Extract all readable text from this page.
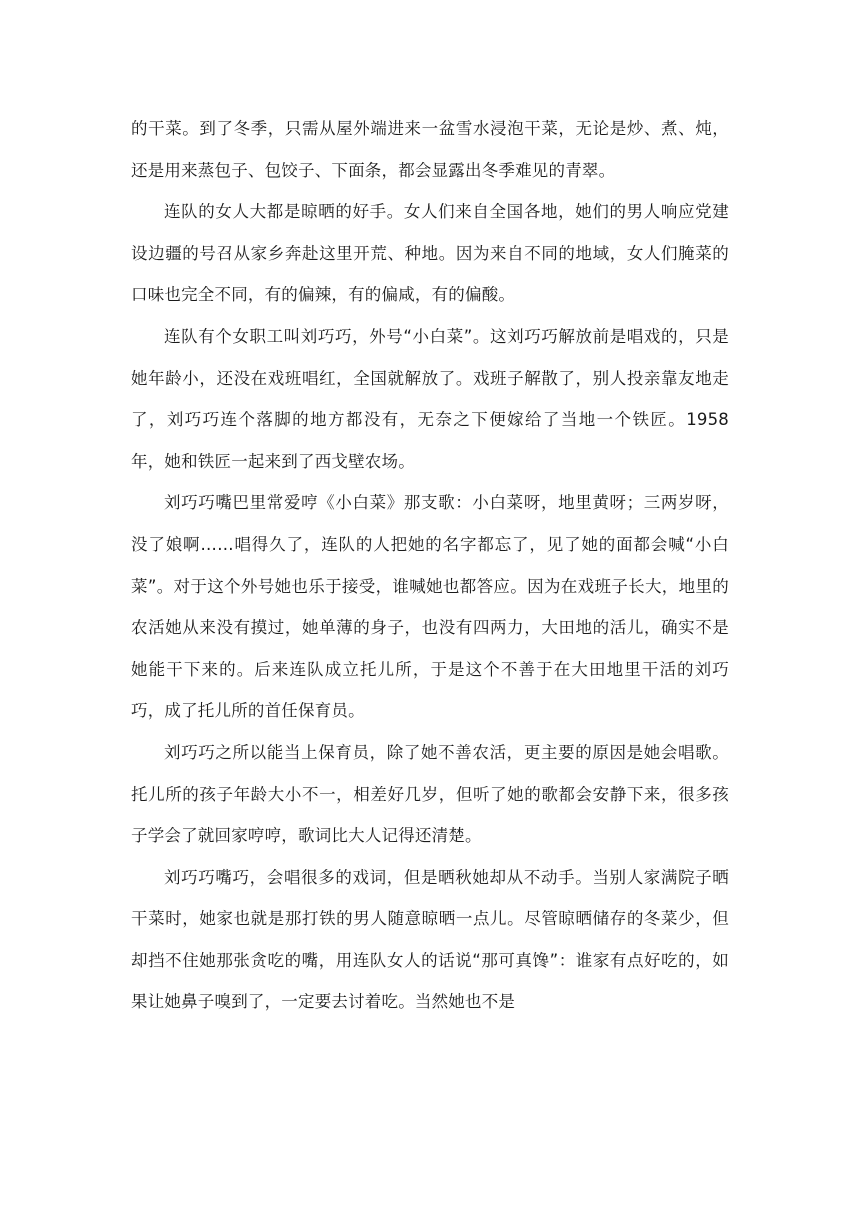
的干菜。到了冬季，只需从屋外端进来一盆雪水浸泡干菜，无论是炒、煮、炖，还是用来蒸包子、包饺子、下面条，都会显露出冬季难见的青翠。

连队的女人大都是晾晒的好手。女人们来自全国各地，她们的男人响应党建设边疆的号召从家乡奔赴这里开荒、种地。因为来自不同的地域，女人们腌菜的口味也完全不同，有的偏辣，有的偏咸，有的偏酸。

连队有个女职工叫刘巧巧，外号“小白菜”。这刘巧巧解放前是唱戏的，只是她年龄小，还没在戏班唱红，全国就解放了。戏班子解散了，别人投亲靠友地走了，刘巧巧连个落脚的地方都没有，无奈之下便嫁给了当地一个铁匠。1958 年，她和铁匠一起来到了西戈壁农场。

刘巧巧嘴巴里常爱哼《小白菜》那支歌：小白菜呀，地里黄呀；三两岁呀，没了娘啊……唱得久了，连队的人把她的名字都忘了，见了她的面都会喊“小白菜”。对于这个外号她也乐于接受，谁喊她也都答应。因为在戏班子长大，地里的农活她从来没有摸过，她单薄的身子，也没有四两力，大田地的活儿，确实不是她能干下来的。后来连队成立托儿所，于是这个不善于在大田地里干活的刘巧巧，成了托儿所的首任保育员。

刘巧巧之所以能当上保育员，除了她不善农活，更主要的原因是她会唱歌。托儿所的孩子年龄大小不一，相差好几岁，但听了她的歌都会安静下来，很多孩子学会了就回家哼哼，歌词比大人记得还清楚。

刘巧巧嘴巧，会唱很多的戏词，但是晒秋她却从不动手。当别人家满院子晒干菜时，她家也就是那打铁的男人随意晾晒一点儿。尽管晾晒储存的冬菜少，但却挡不住她那张贪吃的嘴，用连队女人的话说“那可真馋”：谁家有点好吃的，如果让她鼻子嗅到了，一定要去讨着吃。当然她也不是
